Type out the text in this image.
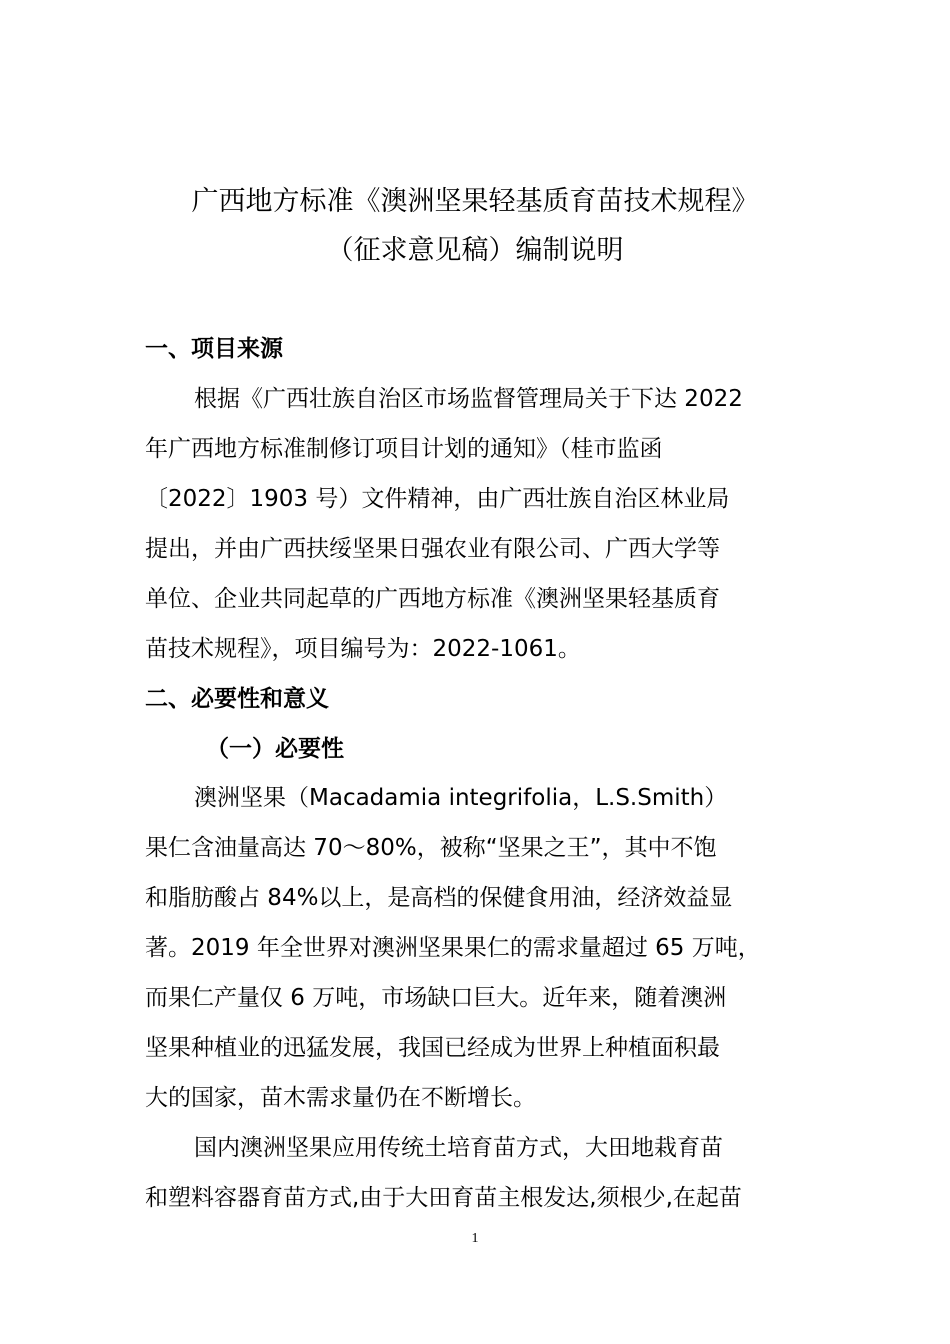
广西地方标准《澳洲坚果轻基质育苗技术规程》
（征求意见稿）编制说明
一、项目来源
根据《广西壮族自治区市场监督管理局关于下达 2022
年广西地方标准制修订项目计划的通知》（桂市监函
〔2022〕1903 号）文件精神，由广西壮族自治区林业局
提出，并由广西扶绥坚果日强农业有限公司、广西大学等
单位、企业共同起草的广西地方标准《澳洲坚果轻基质育
苗技术规程》，项目编号为：2022-1061。
二、必要性和意义
（一）必要性
澳洲坚果（Macadamia integrifolia，L.S.Smith）
果仁含油量高达 70～80%，被称“坚果之王”，其中不饱
和脂肪酸占 84%以上，是高档的保健食用油，经济效益显
著。2019 年全世界对澳洲坚果果仁的需求量超过 65 万吨，
而果仁产量仅 6 万吨，市场缺口巨大。近年来，随着澳洲
坚果种植业的迅猛发展，我国已经成为世界上种植面积最
大的国家，苗木需求量仍在不断增长。
国内澳洲坚果应用传统土培育苗方式，大田地栽育苗
和塑料容器育苗方式,由于大田育苗主根发达,须根少,在起苗
1
